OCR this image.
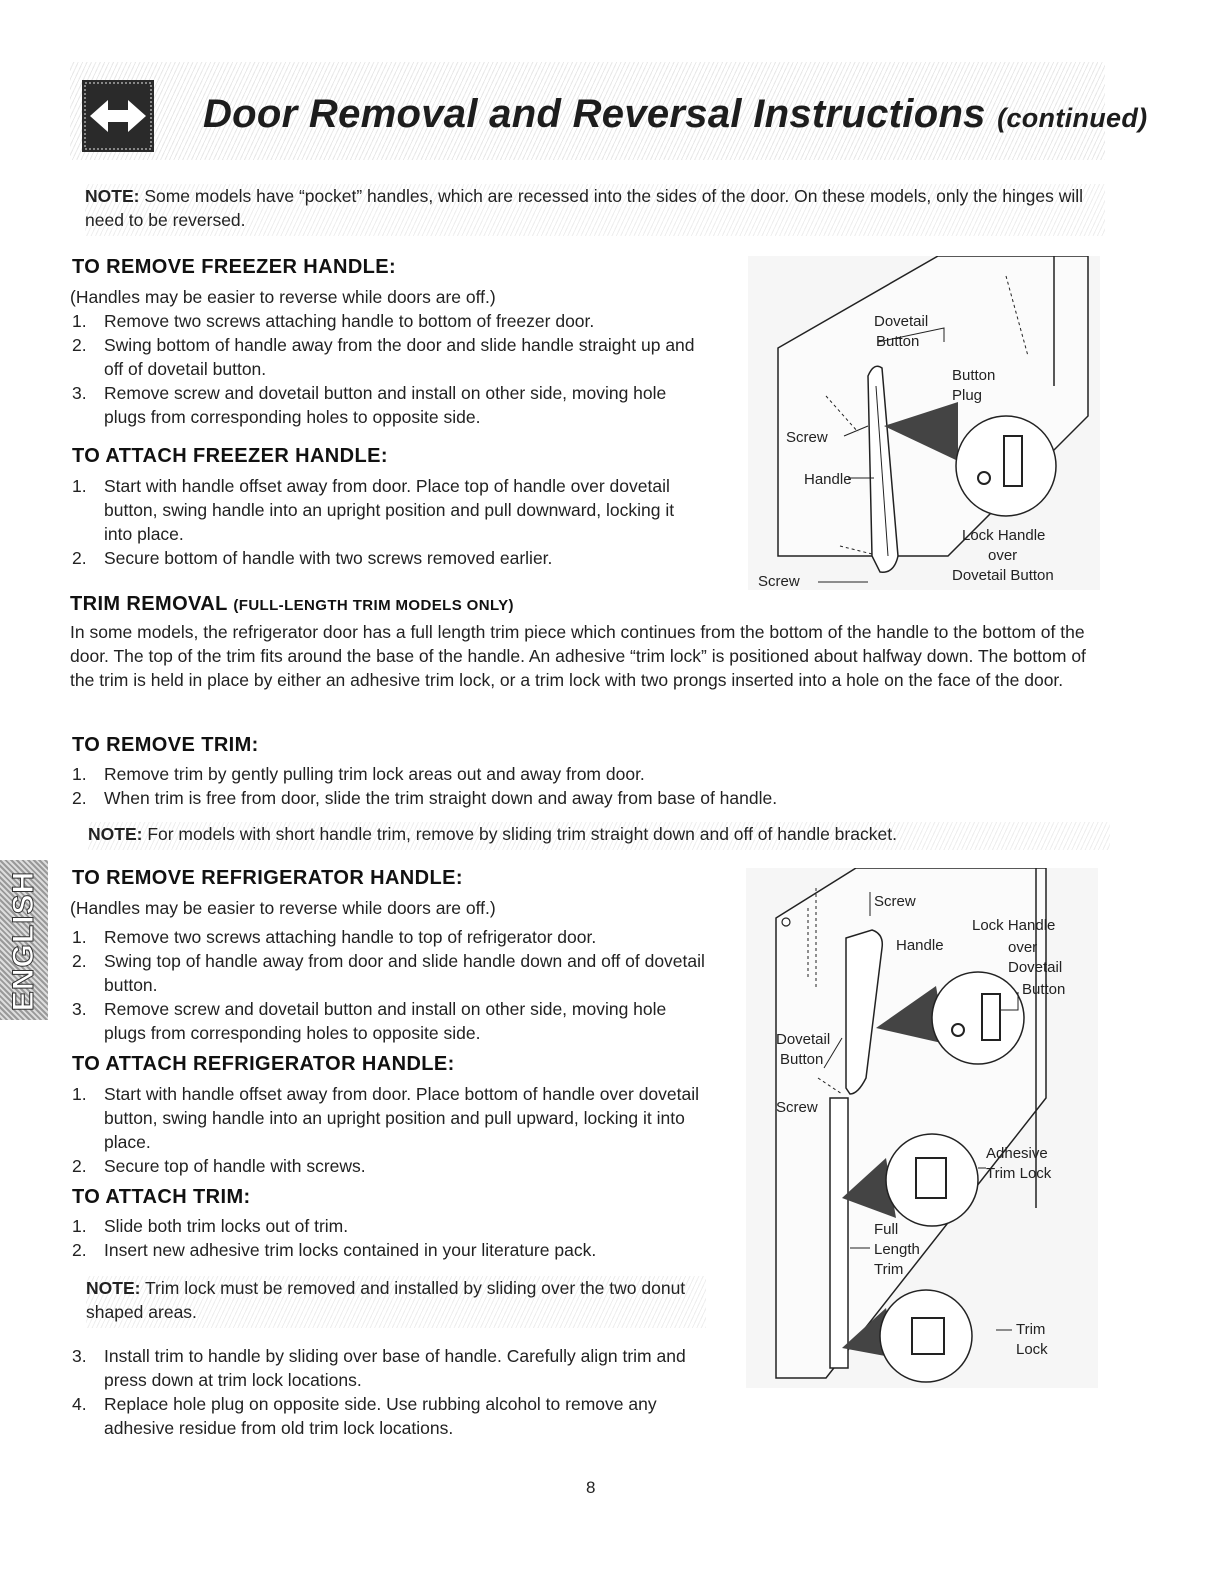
Door Removal and Reversal Instructions (continued)
NOTE: Some models have “pocket” handles, which are recessed into the sides of the door. On these models, only the hinges will need to be reversed.
TO REMOVE FREEZER HANDLE:
(Handles may be easier to reverse while doors are off.)
1. Remove two screws attaching handle to bottom of freezer door.
2. Swing bottom of handle away from the door and slide handle straight up and off of dovetail button.
3. Remove screw and dovetail button and install on other side, moving hole plugs from corresponding holes to opposite side.
TO ATTACH FREEZER HANDLE:
1. Start with handle offset away from door. Place top of handle over dovetail button, swing handle into an upright position and pull downward, locking it into place.
2. Secure bottom of handle with two screws removed earlier.
Dovetail
Button
Button
Plug
Screw
Handle
Lock Handle
over
Dovetail Button
Screw
TRIM REMOVAL (FULL-LENGTH TRIM MODELS ONLY)
In some models, the refrigerator door has a full length trim piece which continues from the bottom of the handle to the bottom of the door. The top of the trim fits around the base of the handle. An adhesive “trim lock” is positioned about halfway down. The bottom of the trim is held in place by either an adhesive trim lock, or a trim lock with two prongs inserted into a hole on the face of the door.
TO REMOVE TRIM:
1. Remove trim by gently pulling trim lock areas out and away from door.
2. When trim is free from door, slide the trim straight down and away from base of handle.
NOTE: For models with short handle trim, remove by sliding trim straight down and off of handle bracket.
ENGLISH	TO REMOVE REFRIGERATOR HANDLE:
(Handles may be easier to reverse while doors are off.)
1. Remove two screws attaching handle to top of refrigerator door.
2. Swing top of handle away from door and slide handle down and off of dovetail button.
3. Remove screw and dovetail button and install on other side, moving hole plugs from corresponding holes to opposite side.
TO ATTACH REFRIGERATOR HANDLE:
1. Start with handle offset away from door. Place bottom of handle over dovetail button, swing handle into an upright position and pull upward, locking it into place.
2. Secure top of handle with screws.
TO ATTACH TRIM:
1. Slide both trim locks out of trim.
2. Insert new adhesive trim locks contained in your literature pack.
NOTE: Trim lock must be removed and installed by sliding over the two donut shaped areas.
3. Install trim to handle by sliding over base of handle. Carefully align trim and press down at trim lock locations.
4. Replace hole plug on opposite side. Use rubbing alcohol to remove any adhesive residue from old trim lock locations.
Screw
Handle
Lock Handle
over
Dovetail
Button
Dovetail
Button
Screw
Adhesive
Trim Lock
Full
Length
Trim
Trim
Lock
8
